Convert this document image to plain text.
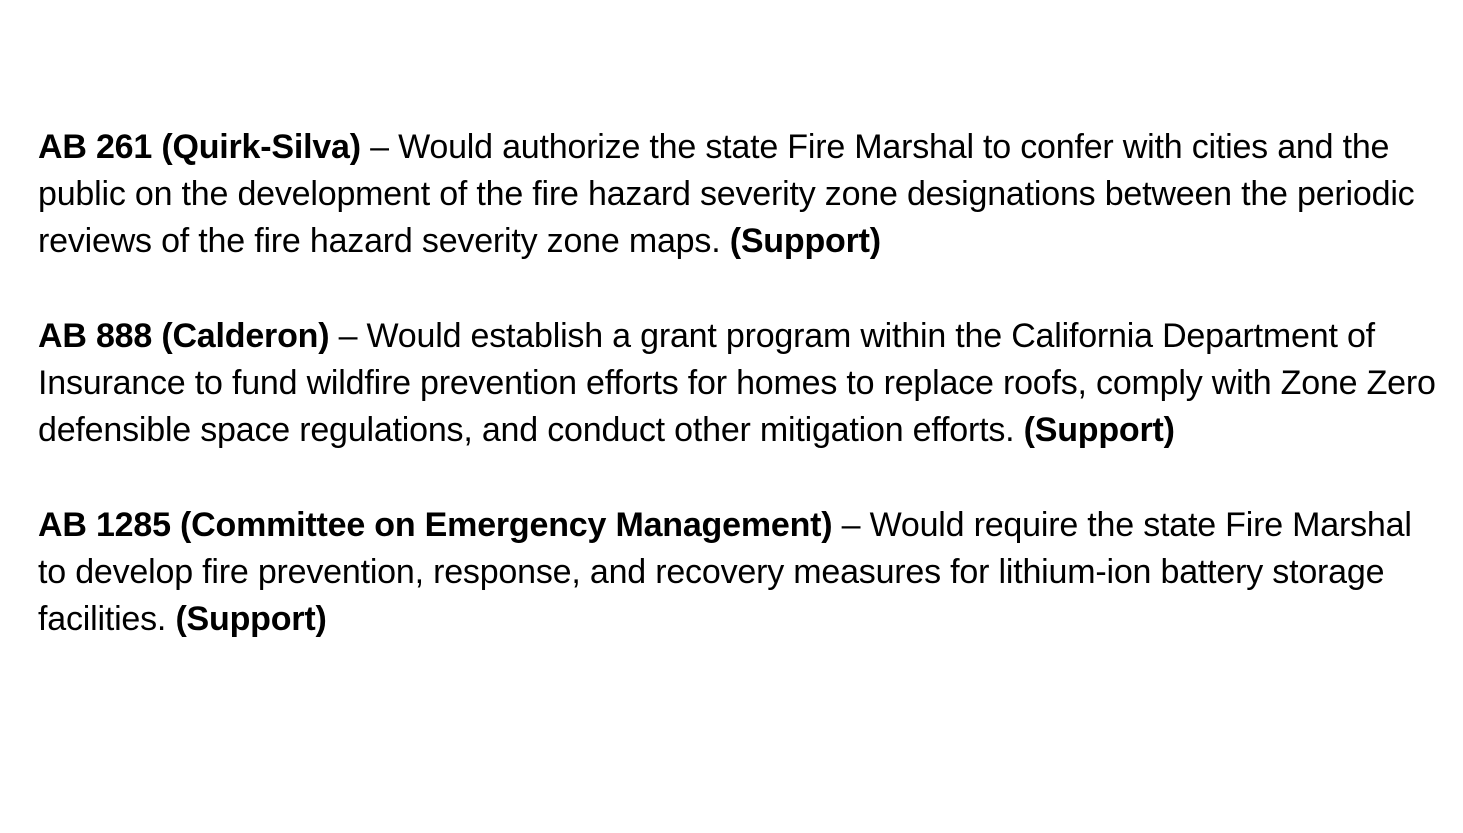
AB 261 (Quirk-Silva) – Would authorize the state Fire Marshal to confer with cities and the public on the development of the fire hazard severity zone designations between the periodic reviews of the fire hazard severity zone maps. (Support)

AB 888 (Calderon) – Would establish a grant program within the California Department of Insurance to fund wildfire prevention efforts for homes to replace roofs, comply with Zone Zero defensible space regulations, and conduct other mitigation efforts. (Support)

AB 1285 (Committee on Emergency Management) – Would require the state Fire Marshal to develop fire prevention, response, and recovery measures for lithium-ion battery storage facilities. (Support)
